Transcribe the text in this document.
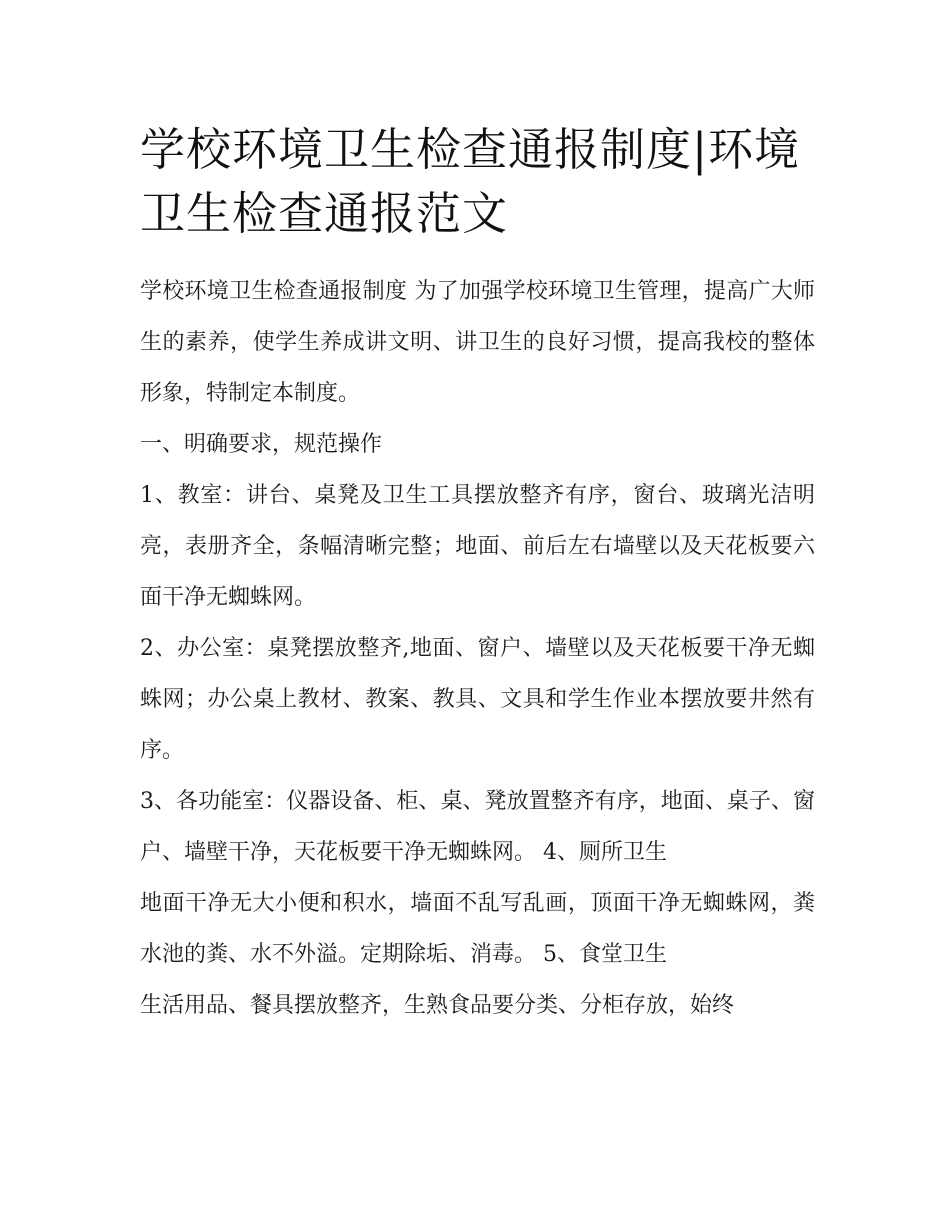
学校环境卫生检查通报制度|环境卫生检查通报范文

学校环境卫生检查通报制度 为了加强学校环境卫生管理，提高广大师生的素养，使学生养成讲文明、讲卫生的良好习惯，提高我校的整体形象，特制定本制度。

一、明确要求，规范操作

1、教室：讲台、桌凳及卫生工具摆放整齐有序，窗台、玻璃光洁明亮，表册齐全，条幅清晰完整；地面、前后左右墙壁以及天花板要六面干净无蜘蛛网。

2、办公室：桌凳摆放整齐,地面、窗户、墙壁以及天花板要干净无蜘蛛网；办公桌上教材、教案、教具、文具和学生作业本摆放要井然有序。

3、各功能室：仪器设备、柜、桌、凳放置整齐有序，地面、桌子、窗户、墙壁干净，天花板要干净无蜘蛛网。 4、厕所卫生

地面干净无大小便和积水，墙面不乱写乱画，顶面干净无蜘蛛网，粪水池的粪、水不外溢。定期除垢、消毒。 5、食堂卫生

生活用品、餐具摆放整齐，生熟食品要分类、分柜存放，始终
